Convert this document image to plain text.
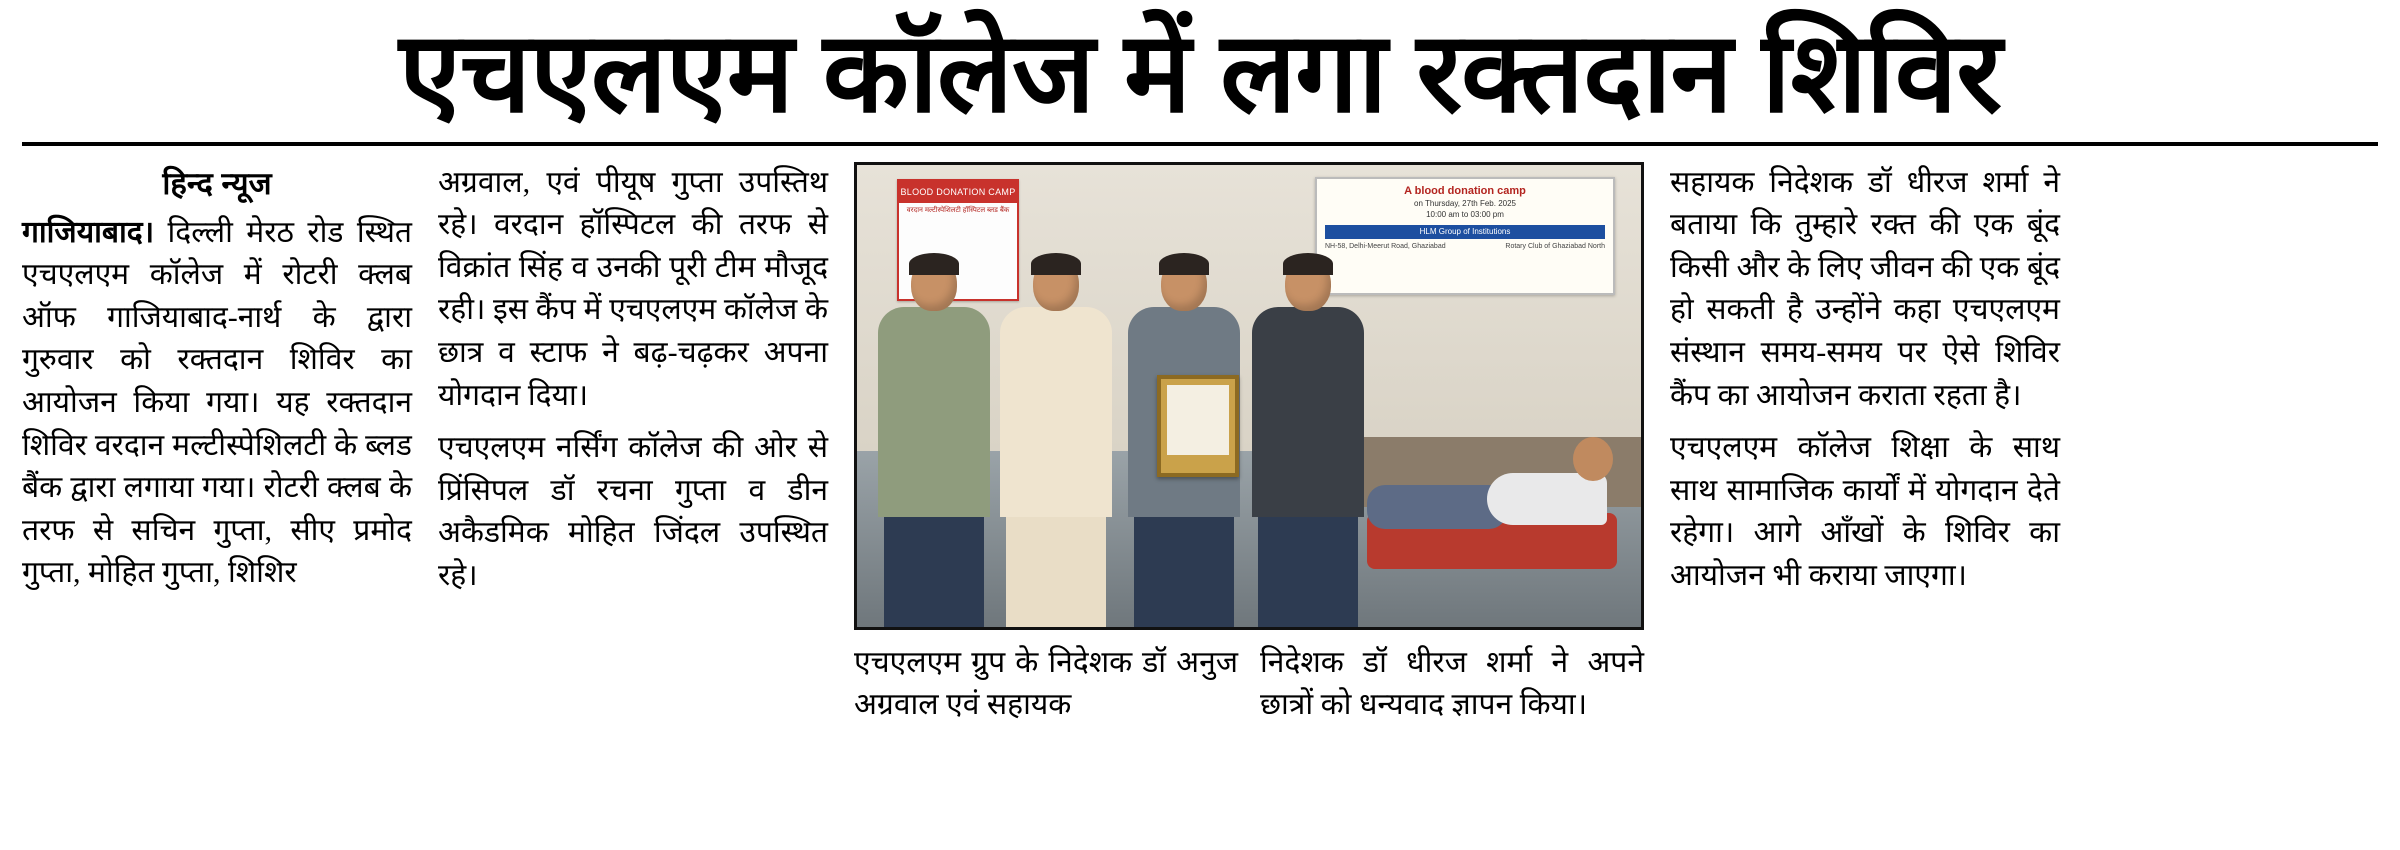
एचएलएम कॉलेज में लगा रक्तदान शिविर
हिन्द न्यूज

गाजियाबाद। दिल्ली मेरठ रोड स्थित एचएलएम कॉलेज में रोटरी क्लब ऑफ गाजियाबाद-नार्थ के द्वारा गुरुवार को रक्तदान शिविर का आयोजन किया गया। यह रक्तदान शिविर वरदान मल्टीस्पेशिलटी के ब्लड बैंक द्वारा लगाया गया। रोटरी क्लब के तरफ से सचिन गुप्ता, सीए प्रमोद गुप्ता, मोहित गुप्ता, शिशिर

अग्रवाल, एवं पीयूष गुप्ता उपस्तिथ रहे। वरदान हॉस्पिटल की तरफ से विक्रांत सिंह व उनकी पूरी टीम मौजूद रही। इस कैंप में एचएलएम कॉलेज के छात्र व स्टाफ ने बढ़-चढ़कर अपना योगदान दिया।

एचएलएम नर्सिंग कॉलेज की ओर से प्रिंसिपल डॉ रचना गुप्ता व डीन अकैडमिक मोहित जिंदल उपस्थित रहे।

BLOOD DONATION CAMP
वरदान मल्टीस्पेशिलटी हॉस्पिटल ब्लड बैंक
A blood donation camp
on Thursday, 27th Feb. 2025
10:00 am to 03:00 pm
HLM Group of Institutions
NH-58, Delhi-Meerut Road, Ghaziabad	Rotary Club of Ghaziabad North
एचएलएम ग्रुप के निदेशक डॉ अनुज अग्रवाल एवं सहायक
निदेशक डॉ धीरज शर्मा ने अपने छात्रों को धन्यवाद ज्ञापन किया।

सहायक निदेशक डॉ धीरज शर्मा ने बताया कि तुम्हारे रक्त की एक बूंद किसी और के लिए जीवन की एक बूंद हो सकती है उन्होंने कहा एचएलएम संस्थान समय-समय पर ऐसे शिविर कैंप का आयोजन कराता रहता है।

एचएलएम कॉलेज शिक्षा के साथ साथ सामाजिक कार्यों में योगदान देते रहेगा। आगे आँखों के शिविर का आयोजन भी कराया जाएगा।
